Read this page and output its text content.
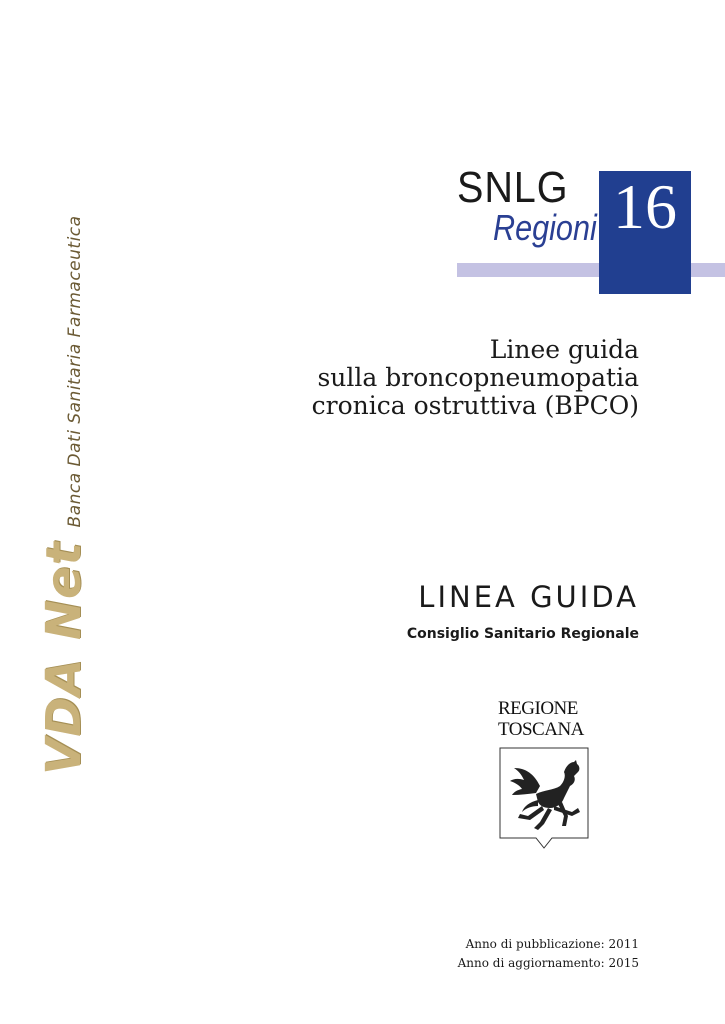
VDA Net
Banca Dati Sanitaria Farmaceutica
16
SNLG
Regioni
Linee guida
sulla broncopneumopatia
cronica ostruttiva (BPCO)
LINEA GUIDA
Consiglio Sanitario Regionale
REGIONE
TOSCANA
Anno di pubblicazione: 2011
Anno di aggiornamento: 2015
